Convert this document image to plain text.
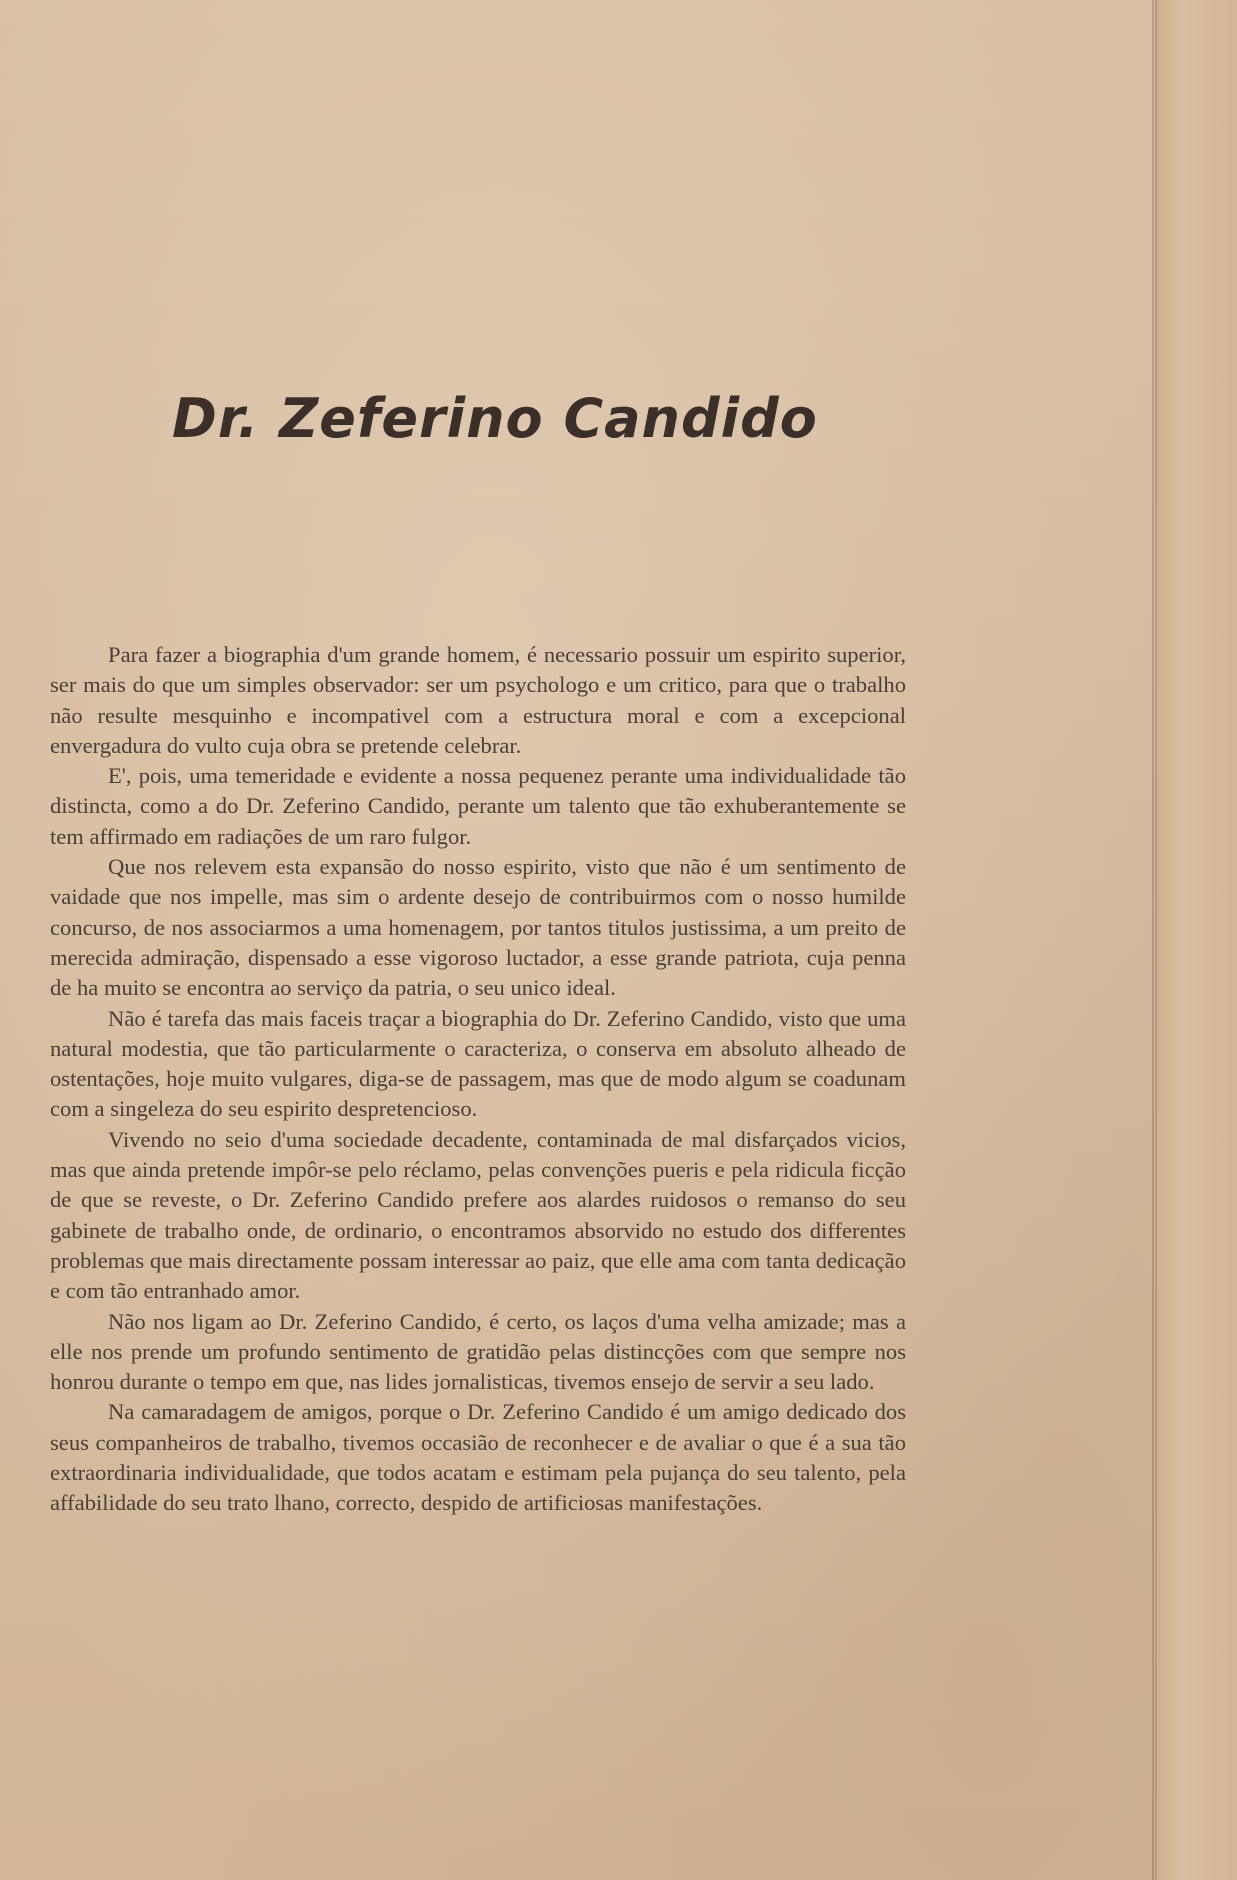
Dr. Zeferino Candido

Para fazer a biographia d'um grande homem, é necessario possuir um espirito superior, ser mais do que um simples observador: ser um psychologo e um critico, para que o trabalho não resulte mesquinho e incompativel com a estructura moral e com a excepcional envergadura do vulto cuja obra se pretende celebrar.

E', pois, uma temeridade e evidente a nossa pequenez perante uma individualidade tão distincta, como a do Dr. Zeferino Candido, perante um talento que tão exhuberantemente se tem affirmado em radiações de um raro fulgor.

Que nos relevem esta expansão do nosso espirito, visto que não é um sentimento de vaidade que nos impelle, mas sim o ardente desejo de contribuirmos com o nosso humilde concurso, de nos associarmos a uma homenagem, por tantos titulos justissima, a um preito de merecida admiração, dispensado a esse vigoroso luctador, a esse grande patriota, cuja penna de ha muito se encontra ao serviço da patria, o seu unico ideal.

Não é tarefa das mais faceis traçar a biographia do Dr. Zeferino Candido, visto que uma natural modestia, que tão particularmente o caracteriza, o conserva em absoluto alheado de ostentações, hoje muito vulgares, diga-se de passagem, mas que de modo algum se coadunam com a singeleza do seu espirito despretencioso.

Vivendo no seio d'uma sociedade decadente, contaminada de mal disfarçados vicios, mas que ainda pretende impôr-se pelo réclamo, pelas convenções pueris e pela ridicula ficção de que se reveste, o Dr. Zeferino Candido prefere aos alardes ruidosos o remanso do seu gabinete de trabalho onde, de ordinario, o encontramos absorvido no estudo dos differentes problemas que mais directamente possam interessar ao paiz, que elle ama com tanta dedicação e com tão entranhado amor.

Não nos ligam ao Dr. Zeferino Candido, é certo, os laços d'uma velha amizade; mas a elle nos prende um profundo sentimento de gratidão pelas distincções com que sempre nos honrou durante o tempo em que, nas lides jornalisticas, tivemos ensejo de servir a seu lado.

Na camaradagem de amigos, porque o Dr. Zeferino Candido é um amigo dedicado dos seus companheiros de trabalho, tivemos occasião de reconhecer e de avaliar o que é a sua tão extraordinaria individualidade, que todos acatam e estimam pela pujança do seu talento, pela affabilidade do seu trato lhano, correcto, despido de artificiosas manifestações.
